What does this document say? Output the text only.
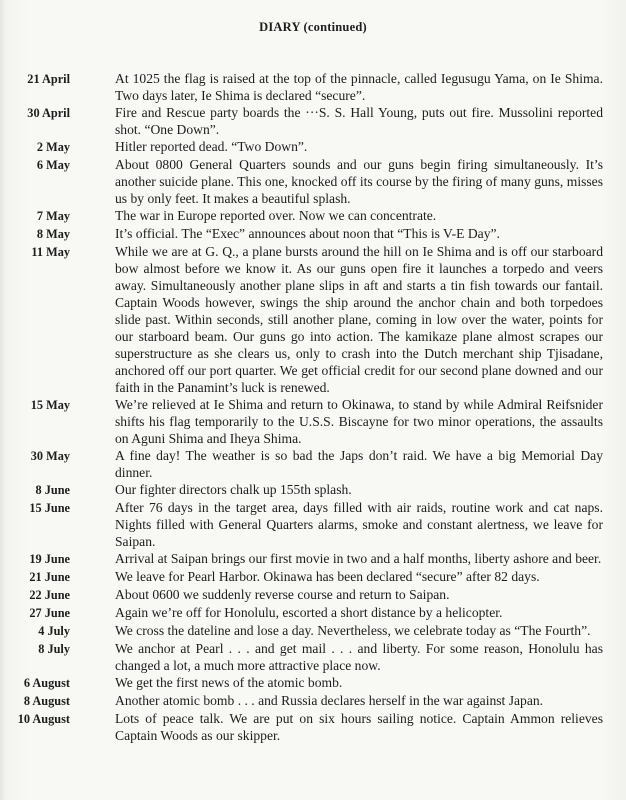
DIARY (continued)
21 April	At 1025 the flag is raised at the top of the pinnacle, called Iegusugu Yama, on Ie Shima. Two days later, Ie Shima is declared “secure”.
30 April	Fire and Rescue party boards the ···S. S. Hall Young, puts out fire. Mussolini reported shot. “One Down”.
2 May	Hitler reported dead. “Two Down”.
6 May	About 0800 General Quarters sounds and our guns begin firing simultaneously. It’s another suicide plane. This one, knocked off its course by the firing of many guns, misses us by only feet. It makes a beautiful splash.
7 May	The war in Europe reported over. Now we can concentrate.
8 May	It’s official. The “Exec” announces about noon that “This is V-E Day”.
11 May	While we are at G. Q., a plane bursts around the hill on Ie Shima and is off our starboard bow almost before we know it. As our guns open fire it launches a torpedo and veers away. Simultaneously another plane slips in aft and starts a tin fish towards our fantail. Captain Woods however, swings the ship around the anchor chain and both torpedoes slide past. Within seconds, still another plane, coming in low over the water, points for our starboard beam. Our guns go into action. The kamikaze plane almost scrapes our superstructure as she clears us, only to crash into the Dutch merchant ship Tjisadane, anchored off our port quarter. We get official credit for our second plane downed and our faith in the Panamint’s luck is renewed.
15 May	We’re relieved at Ie Shima and return to Okinawa, to stand by while Admiral Reifsnider shifts his flag temporarily to the U.S.S. Biscayne for two minor operations, the assaults on Aguni Shima and Iheya Shima.
30 May	A fine day! The weather is so bad the Japs don’t raid. We have a big Memorial Day dinner.
8 June	Our fighter directors chalk up 155th splash.
15 June	After 76 days in the target area, days filled with air raids, routine work and cat naps. Nights filled with General Quarters alarms, smoke and constant alertness, we leave for Saipan.
19 June	Arrival at Saipan brings our first movie in two and a half months, liberty ashore and beer.
21 June	We leave for Pearl Harbor. Okinawa has been declared “secure” after 82 days.
22 June	About 0600 we suddenly reverse course and return to Saipan.
27 June	Again we’re off for Honolulu, escorted a short distance by a helicopter.
4 July	We cross the dateline and lose a day. Nevertheless, we celebrate today as “The Fourth”.
8 July	We anchor at Pearl . . . and get mail . . . and liberty. For some reason, Honolulu has changed a lot, a much more attractive place now.
6 August	We get the first news of the atomic bomb.
8 August	Another atomic bomb . . . and Russia declares herself in the war against Japan.
10 August	Lots of peace talk. We are put on six hours sailing notice. Captain Ammon relieves Captain Woods as our skipper.
